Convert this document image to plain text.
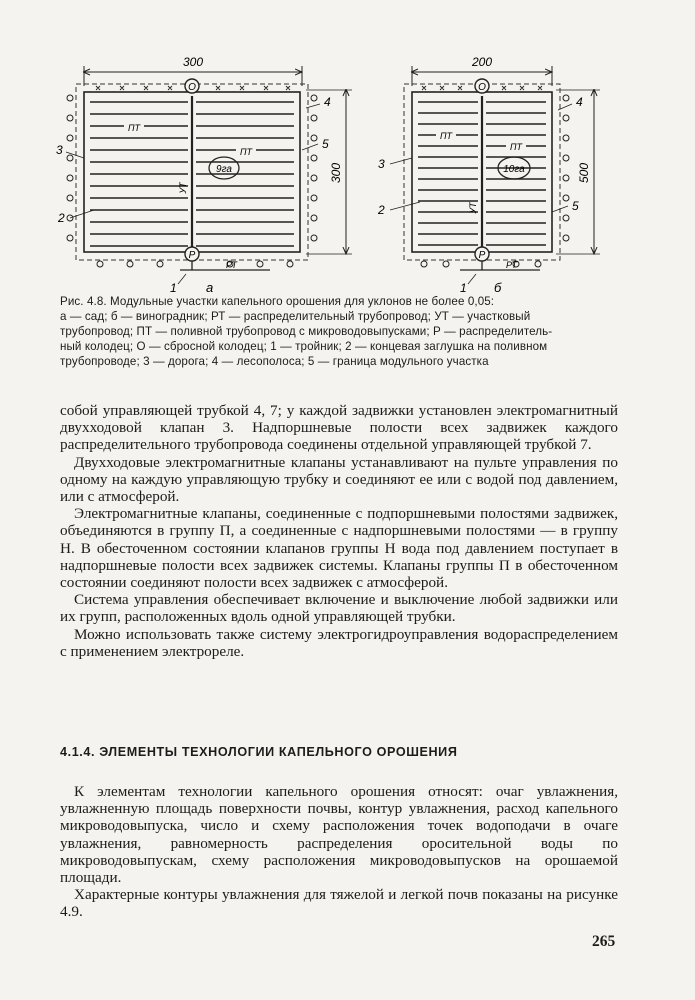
300
300
O
P
РТ
9га
ПТ
ПТ
УТ
3
2
4
5
1 а
200
500
O
P
РТ
10га
ПТ
ПТ
УТ
3
2
4
5
1 б
Рис. 4.8. Модульные участки капельного орошения для уклонов не более 0,05:
а — сад; б — виноградник; РТ — распределительный трубопровод; УТ — участковый
трубопровод; ПТ — поливной трубопровод с микроводовыпусками; Р — распределитель-
ный колодец; О — сбросной колодец; 1 — тройник; 2 — концевая заглушка на поливном
трубопроводе; 3 — дорога; 4 — лесополоса; 5 — граница модульного участка

собой управляющей трубкой 4, 7; у каждой задвижки установлен электромагнитный двухходовой клапан 3. Надпоршневые полости всех задвижек каждого распределительного трубопровода соединены отдельной управляющей трубкой 7.

Двухходовые электромагнитные клапаны устанавливают на пульте управления по одному на каждую управляющую трубку и соединяют ее или с водой под давлением, или с атмосферой.

Электромагнитные клапаны, соединенные с подпоршневыми полостями задвижек, объединяются в группу П, а соединенные с надпоршневыми полостями — в группу Н. В обесточенном состоянии клапанов группы Н вода под давлением поступает в надпоршневые полости всех задвижек системы. Клапаны группы П в обесточенном состоянии соединяют полости всех задвижек с атмосферой.

Система управления обеспечивает включение и выключение любой задвижки или их групп, расположенных вдоль одной управляющей трубки.

Можно использовать также систему электрогидроуправления водораспределением с применением электрореле.

4.1.4. ЭЛЕМЕНТЫ ТЕХНОЛОГИИ КАПЕЛЬНОГО ОРОШЕНИЯ

К элементам технологии капельного орошения относят: очаг увлажнения, увлажненную площадь поверхности почвы, контур увлажнения, расход капельного микроводовыпуска, число и схему расположения точек водоподачи в очаге увлажнения, равномерность распределения оросительной воды по микроводовыпускам, схему расположения микроводовыпусков на орошаемой площади.

Характерные контуры увлажнения для тяжелой и легкой почв показаны на рисунке 4.9.

265
